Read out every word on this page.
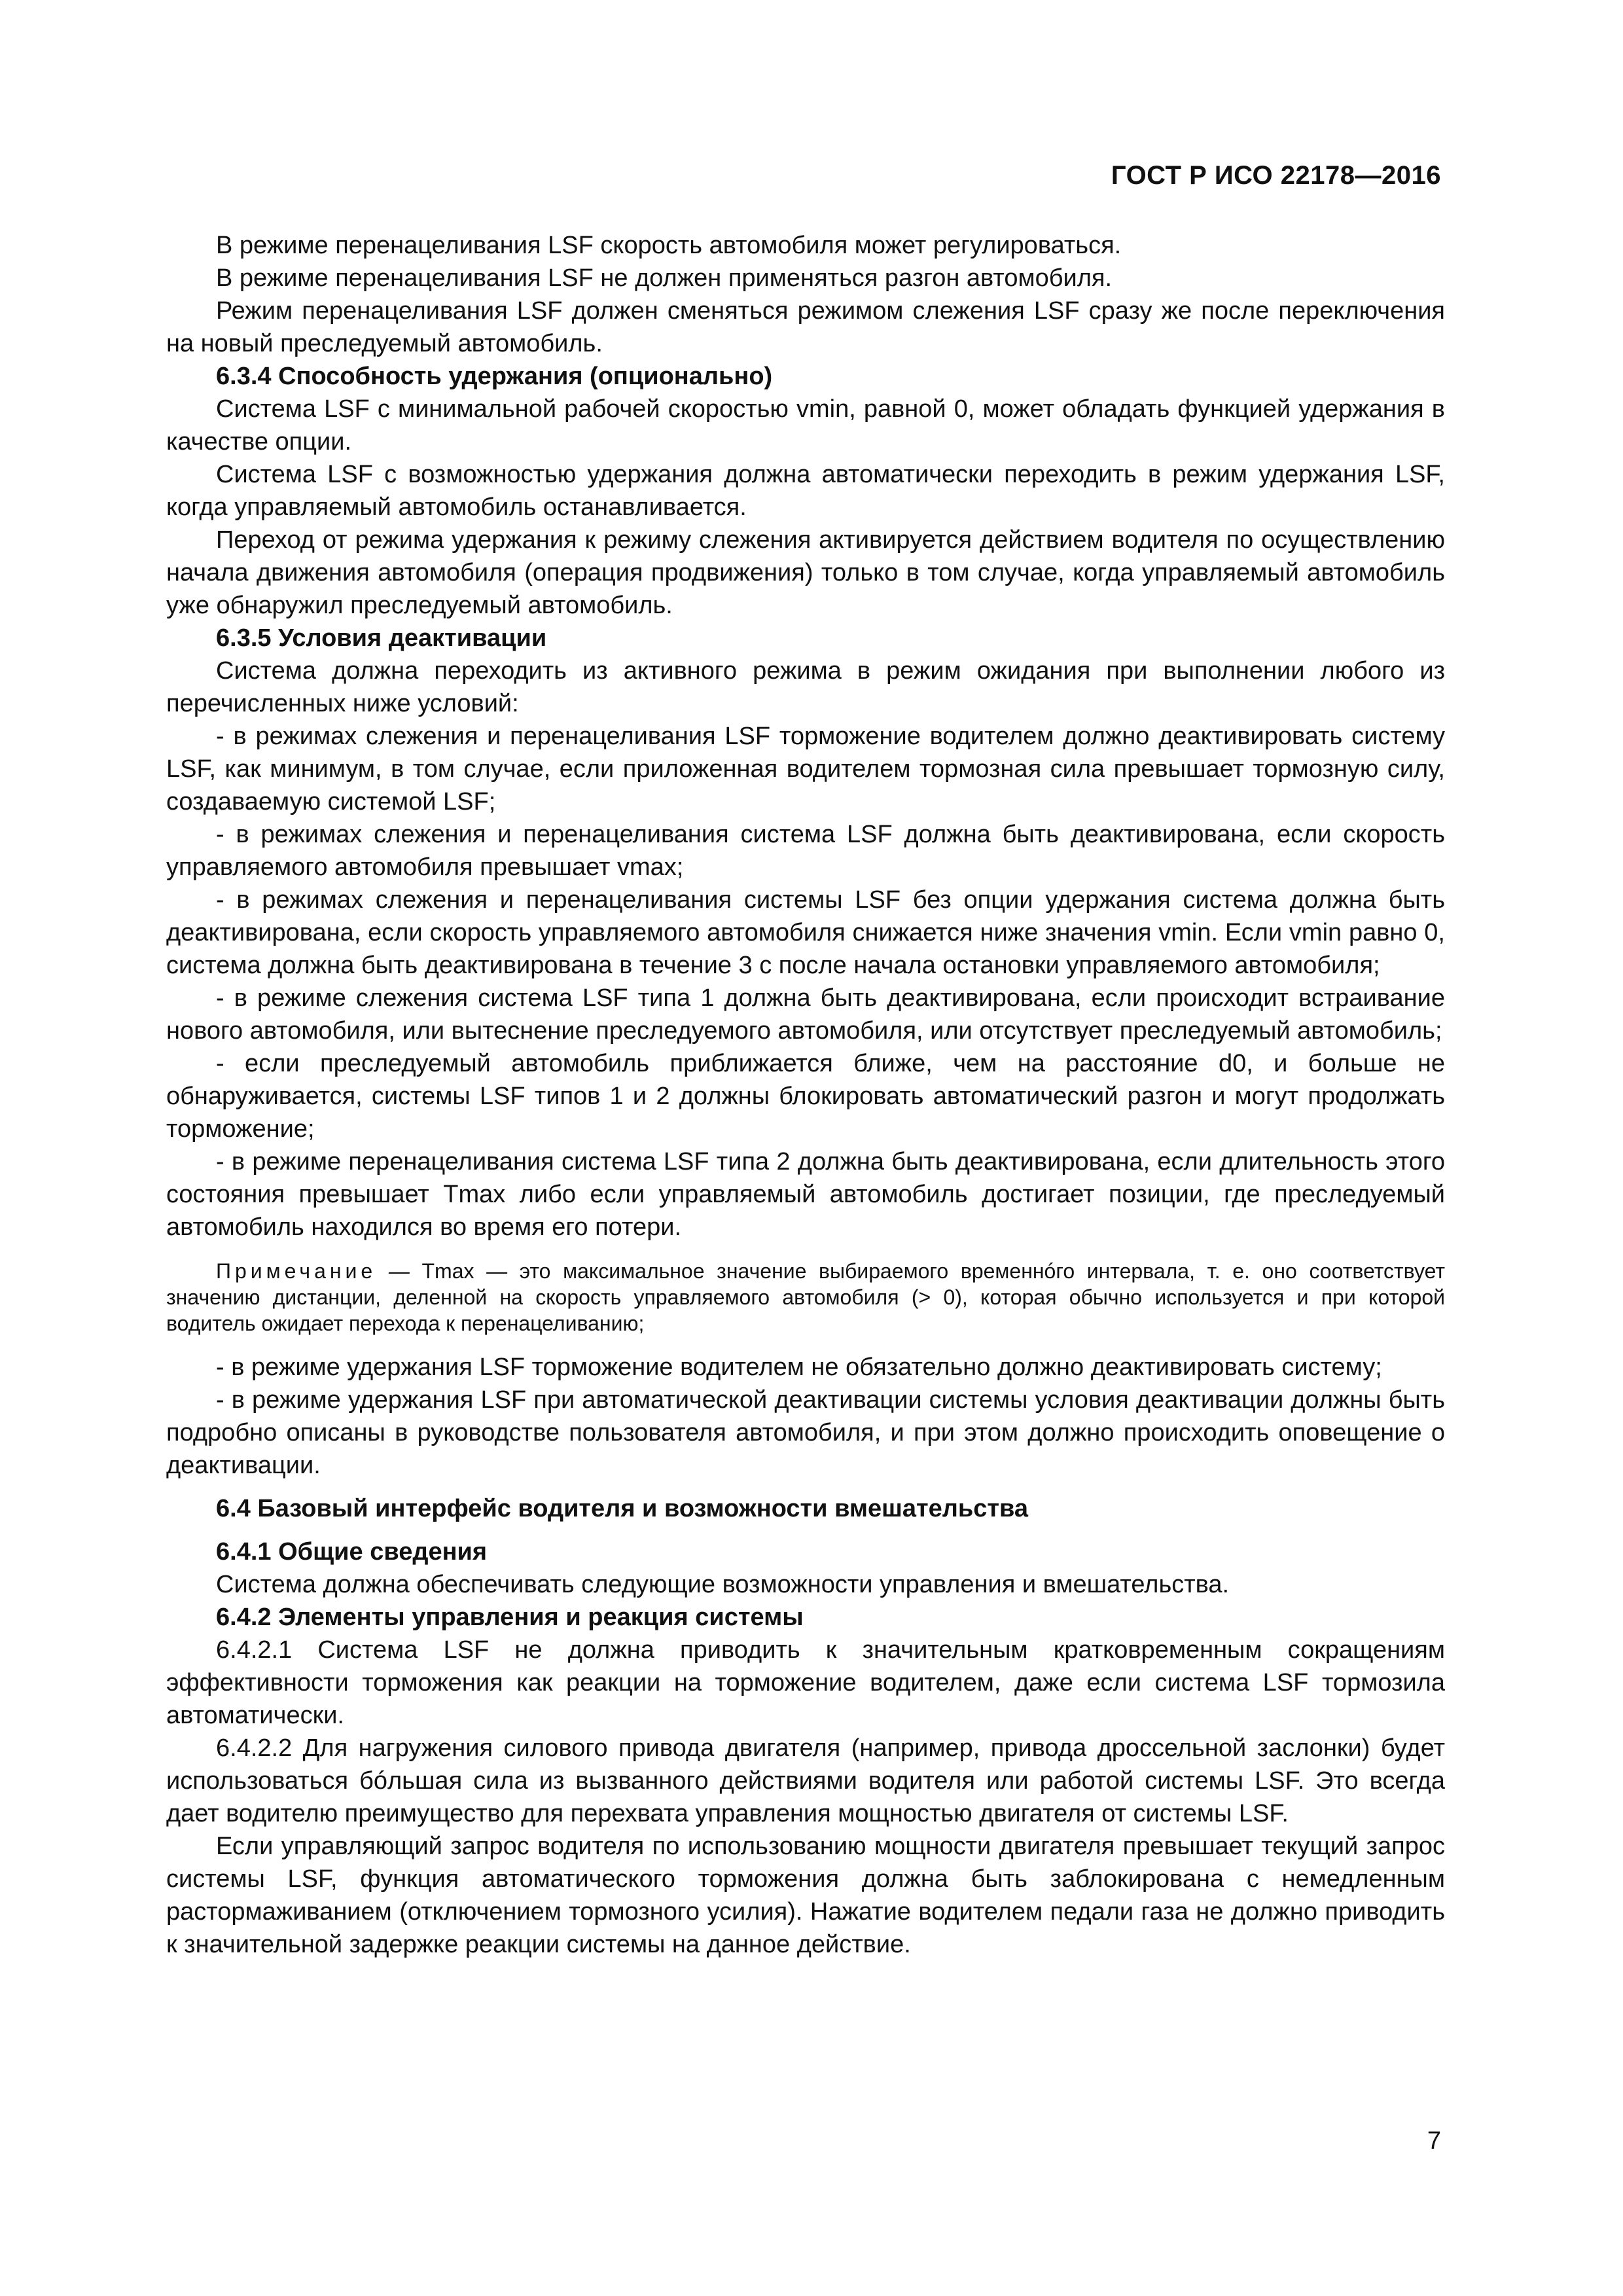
ГОСТ Р ИСО 22178—2016

В режиме перенацеливания LSF скорость автомобиля может регулироваться.

В режиме перенацеливания LSF не должен применяться разгон автомобиля.

Режим перенацеливания LSF должен сменяться режимом слежения LSF сразу же после переключения на новый преследуемый автомобиль.

6.3.4 Способность удержания (опционально)

Система LSF с минимальной рабочей скоростью vmin, равной 0, может обладать функцией удержания в качестве опции.

Система LSF с возможностью удержания должна автоматически переходить в режим удержания LSF, когда управляемый автомобиль останавливается.

Переход от режима удержания к режиму слежения активируется действием водителя по осуществлению начала движения автомобиля (операция продвижения) только в том случае, когда управляемый автомобиль уже обнаружил преследуемый автомобиль.

6.3.5 Условия деактивации

Система должна переходить из активного режима в режим ожидания при выполнении любого из перечисленных ниже условий:

- в режимах слежения и перенацеливания LSF торможение водителем должно деактивировать систему LSF, как минимум, в том случае, если приложенная водителем тормозная сила превышает тормозную силу, создаваемую системой LSF;

- в режимах слежения и перенацеливания система LSF должна быть деактивирована, если скорость управляемого автомобиля превышает vmax;

- в режимах слежения и перенацеливания системы LSF без опции удержания система должна быть деактивирована, если скорость управляемого автомобиля снижается ниже значения vmin. Если vmin равно 0, система должна быть деактивирована в течение 3 с после начала остановки управляемого автомобиля;

- в режиме слежения система LSF типа 1 должна быть деактивирована, если происходит встраивание нового автомобиля, или вытеснение преследуемого автомобиля, или отсутствует преследуемый автомобиль;

- если преследуемый автомобиль приближается ближе, чем на расстояние d0, и больше не обнаруживается, системы LSF типов 1 и 2 должны блокировать автоматический разгон и могут продолжать торможение;

- в режиме перенацеливания система LSF типа 2 должна быть деактивирована, если длительность этого состояния превышает Tmax либо если управляемый автомобиль достигает позиции, где преследуемый автомобиль находился во время его потери.

Примечание — Tmax — это максимальное значение выбираемого временнóго интервала, т. е. оно соответствует значению дистанции, деленной на скорость управляемого автомобиля (> 0), которая обычно используется и при которой водитель ожидает перехода к перенацеливанию;

- в режиме удержания LSF торможение водителем не обязательно должно деактивировать систему;

- в режиме удержания LSF при автоматической деактивации системы условия деактивации должны быть подробно описаны в руководстве пользователя автомобиля, и при этом должно происходить оповещение о деактивации.

6.4 Базовый интерфейс водителя и возможности вмешательства

6.4.1 Общие сведения

Система должна обеспечивать следующие возможности управления и вмешательства.

6.4.2 Элементы управления и реакция системы

6.4.2.1 Система LSF не должна приводить к значительным кратковременным сокращениям эффективности торможения как реакции на торможение водителем, даже если система LSF тормозила автоматически.

6.4.2.2 Для нагружения силового привода двигателя (например, привода дроссельной заслонки) будет использоваться бóльшая сила из вызванного действиями водителя или работой системы LSF. Это всегда дает водителю преимущество для перехвата управления мощностью двигателя от системы LSF.

Если управляющий запрос водителя по использованию мощности двигателя превышает текущий запрос системы LSF, функция автоматического торможения должна быть заблокирована с немедленным растормаживанием (отключением тормозного усилия). Нажатие водителем педали газа не должно приводить к значительной задержке реакции системы на данное действие.

7
